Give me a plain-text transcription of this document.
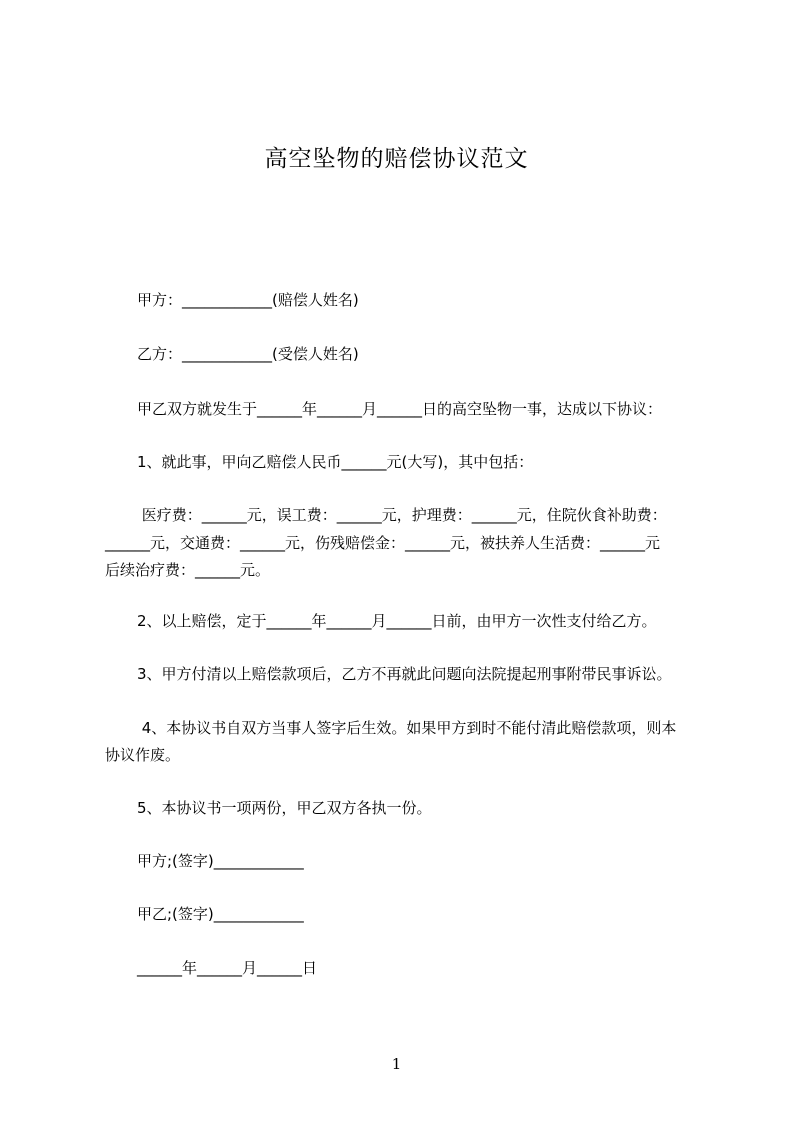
高空坠物的赔偿协议范文
甲方：____________(赔偿人姓名)
乙方：____________(受偿人姓名)
甲乙双方就发生于______年______月______日的高空坠物一事，达成以下协议：
1、就此事，甲向乙赔偿人民币______元(大写)，其中包括：
医疗费：______元，误工费：______元，护理费：______元，住院伙食补助费：
______元，交通费：______元，伤残赔偿金：______元，被扶养人生活费：______元
后续治疗费：______元。
2、以上赔偿，定于______年______月______日前，由甲方一次性支付给乙方。
3、甲方付清以上赔偿款项后，乙方不再就此问题向法院提起刑事附带民事诉讼。
4、本协议书自双方当事人签字后生效。如果甲方到时不能付清此赔偿款项，则本
协议作废。
5、本协议书一项两份，甲乙双方各执一份。
甲方;(签字)____________
甲乙;(签字)____________
______年______月______日
1
